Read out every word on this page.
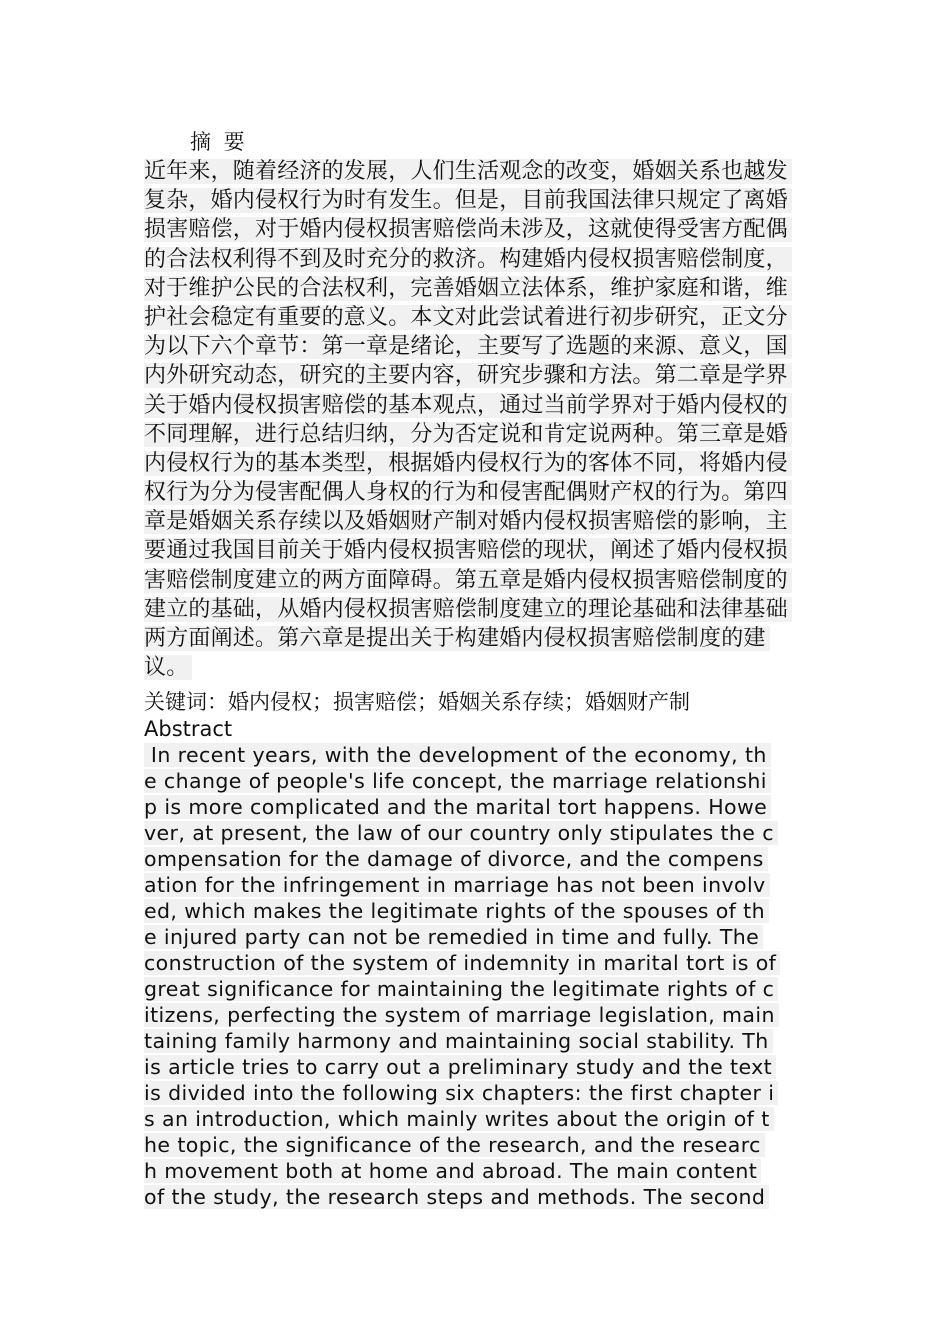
摘 要
近年来，随着经济的发展，人们生活观念的改变，婚姻关系也越发
复杂，婚内侵权行为时有发生。但是，目前我国法律只规定了离婚
损害赔偿，对于婚内侵权损害赔偿尚未涉及，这就使得受害方配偶
的合法权利得不到及时充分的救济。构建婚内侵权损害赔偿制度，
对于维护公民的合法权利，完善婚姻立法体系，维护家庭和谐，维
护社会稳定有重要的意义。本文对此尝试着进行初步研究，正文分
为以下六个章节：第一章是绪论，主要写了选题的来源、意义，国
内外研究动态，研究的主要内容，研究步骤和方法。第二章是学界
关于婚内侵权损害赔偿的基本观点，通过当前学界对于婚内侵权的
不同理解，进行总结归纳，分为否定说和肯定说两种。第三章是婚
内侵权行为的基本类型，根据婚内侵权行为的客体不同，将婚内侵
权行为分为侵害配偶人身权的行为和侵害配偶财产权的行为。第四
章是婚姻关系存续以及婚姻财产制对婚内侵权损害赔偿的影响，主
要通过我国目前关于婚内侵权损害赔偿的现状，阐述了婚内侵权损
害赔偿制度建立的两方面障碍。第五章是婚内侵权损害赔偿制度的
建立的基础，从婚内侵权损害赔偿制度建立的理论基础和法律基础
两方面阐述。第六章是提出关于构建婚内侵权损害赔偿制度的建
议。
关键词：婚内侵权；损害赔偿；婚姻关系存续；婚姻财产制
Abstract
In recent years, with the development of the economy, th
e change of people's life concept, the marriage relationshi
p is more complicated and the marital tort happens. Howe
ver, at present, the law of our country only stipulates the c
ompensation for the damage of divorce, and the compens
ation for the infringement in marriage has not been involv
ed, which makes the legitimate rights of the spouses of th
e injured party can not be remedied in time and fully. The
construction of the system of indemnity in marital tort is of
great significance for maintaining the legitimate rights of c
itizens, perfecting the system of marriage legislation, main
taining family harmony and maintaining social stability. Th
is article tries to carry out a preliminary study and the text
is divided into the following six chapters: the first chapter i
s an introduction, which mainly writes about the origin of t
he topic, the significance of the research, and the researc
h movement both at home and abroad. The main content
of the study, the research steps and methods. The second
